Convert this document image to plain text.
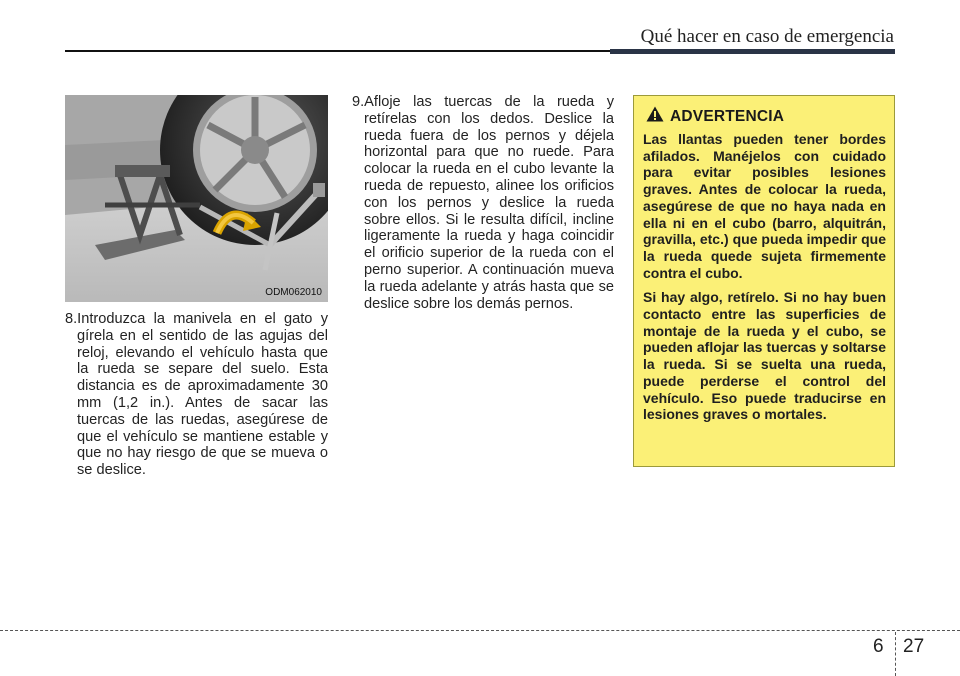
Qué hacer en caso de emergencia
ODM062010
8.Introduzca la manivela en el gato y gírela en el sentido de las agujas del reloj, elevando el vehículo hasta que la rueda se separe del suelo. Esta distancia es de aproximadamente 30 mm (1,2 in.). Antes de sacar las tuercas de las ruedas, asegúrese de que el vehículo se mantiene estable y que no hay riesgo de que se mueva o se deslice.
9.Afloje las tuercas de la rueda y retírelas con los dedos. Deslice la rueda fuera de los pernos y déjela horizontal para que no ruede. Para colocar la rueda en el cubo levante la rueda de repuesto, alinee los orificios con los pernos y deslice la rueda sobre ellos. Si le resulta difícil, incline ligeramente la rueda y haga coincidir el orificio superior de la rueda con el perno superior. A continuación mueva la rueda adelante y atrás hasta que se deslice sobre los demás pernos.
ADVERTENCIA

Las llantas pueden tener bordes afilados. Manéjelos con cuidado para evitar posibles lesiones graves. Antes de colocar la rueda, asegúrese de que no haya nada en ella ni en el cubo (barro, alquitrán, gravilla, etc.) que pueda impedir que la rueda quede sujeta firmemente contra el cubo.

Si hay algo, retírelo. Si no hay buen contacto entre las superficies de montaje de la rueda y el cubo, se pueden aflojar las tuercas y soltarse la rueda. Si se suelta una rueda, puede perderse el control del vehículo. Eso puede traducirse en lesiones graves o mortales.

6 27
